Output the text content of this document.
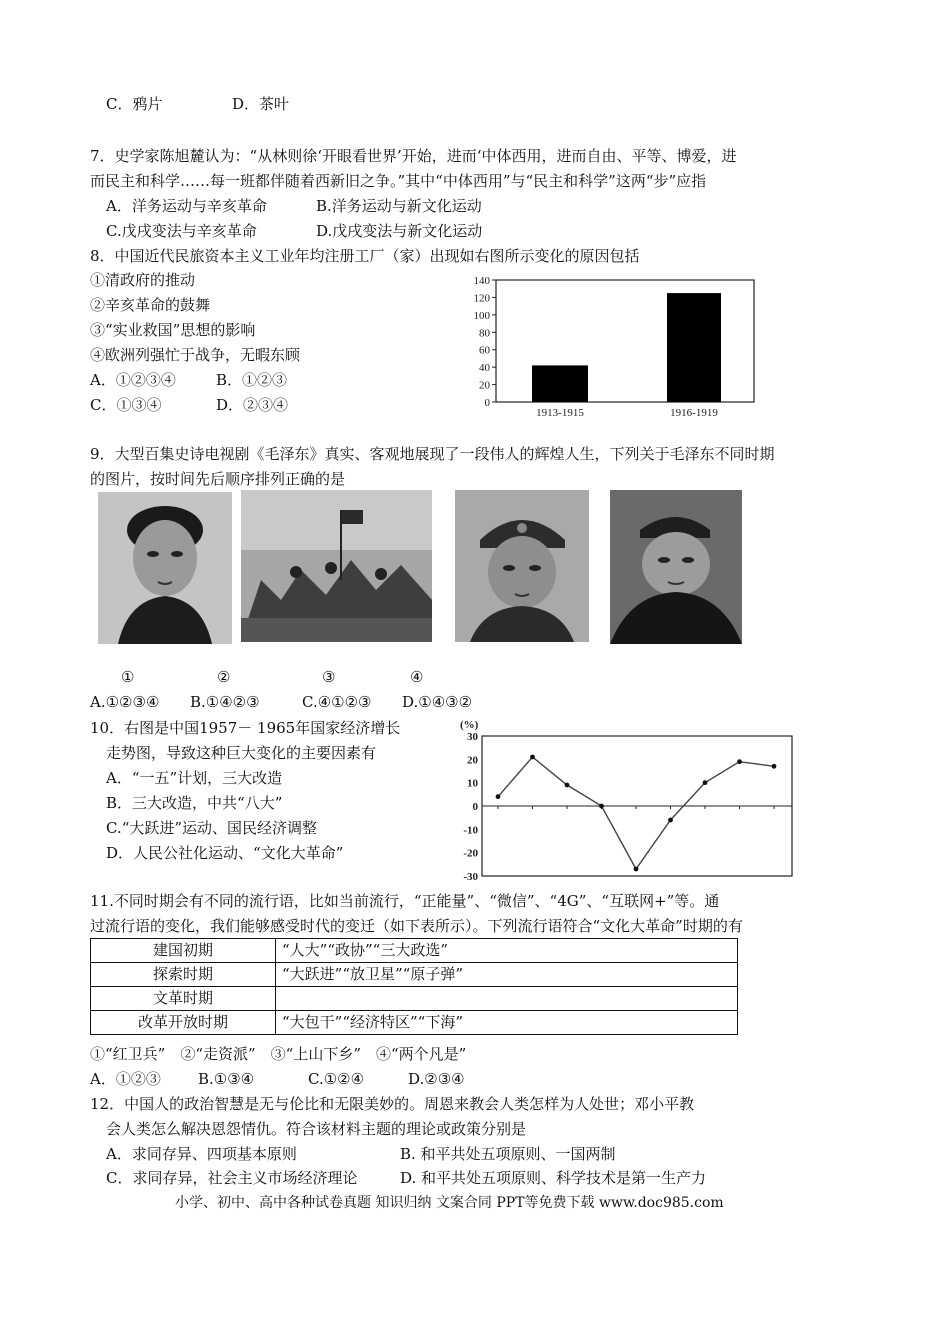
C．鸦片	D．茶叶
7．史学家陈旭麓认为：“从林则徐‘开眼看世界’开始，进而‘中体西用，进而自由、平等、博爱，进
而民主和科学……每一班都伴随着西新旧之争。”其中“中体西用”与“民主和科学”这两“步”应指
A．洋务运动与辛亥革命	B.洋务运动与新文化运动
C.戊戌变法与辛亥革命	D.戊戌变法与新文化运动
8．中国近代民旅资本主义工业年均注册工厂（家）出现如右图所示变化的原因包括
①清政府的推动
②辛亥革命的鼓舞
③“实业救国”思想的影响
④欧洲列强忙于战争，无暇东顾
A．①②③④	B．①②③
C．①③④	D．②③④	0
20
40
60
80
100
120
140
1913-1915	1916-1919
9．大型百集史诗电视剧《毛泽东》真实、客观地展现了一段伟人的辉煌人生，下列关于毛泽东不同时期
的图片，按时间先后顺序排列正确的是
①	②	③	④
A.①②③④ B.①④②③	C.④①②③ D.①④③②
10．右图是中国1957－ 1965年国家经济增长
走势图，导致这种巨大变化的主要因素有
A．“一五”计划，三大改造
B．三大改造，中共“八大”
C.“大跃进”运动、国民经济调整
D．人民公社化运动、“文化大革命”
(%)
30
20
10
0
-10
-20
-30
11.不同时期会有不同的流行语，比如当前流行，“正能量”、“微信”、“4G”、“互联网+”等。通
过流行语的变化，我们能够感受时代的变迁（如下表所示）。下列流行语符合“文化大革命”时期的有
建国初期	“人大”“政协”“三大政选”
探索时期	“大跃进”“放卫星”“原子弹”
文革时期	
改革开放时期	“大包干”“经济特区”“下海”
①“红卫兵”　②“走资派”　③“上山下乡”　④“两个凡是”
A．①②③ B.①③④	C.①②④	D.②③④
12．中国人的政治智慧是无与伦比和无限美妙的。周恩来教会人类怎样为人处世；邓小平教
会人类怎么解决恩怨情仇。符合该材料主题的理论或政策分别是
A．求同存异、四项基本原则	B. 和平共处五项原则、一国两制
C．求同存异，社会主义市场经济理论	D. 和平共处五项原则、科学技术是第一生产力
小学、初中、高中各种试卷真题 知识归纳 文案合同 PPT等免费下载 www.doc985.com
